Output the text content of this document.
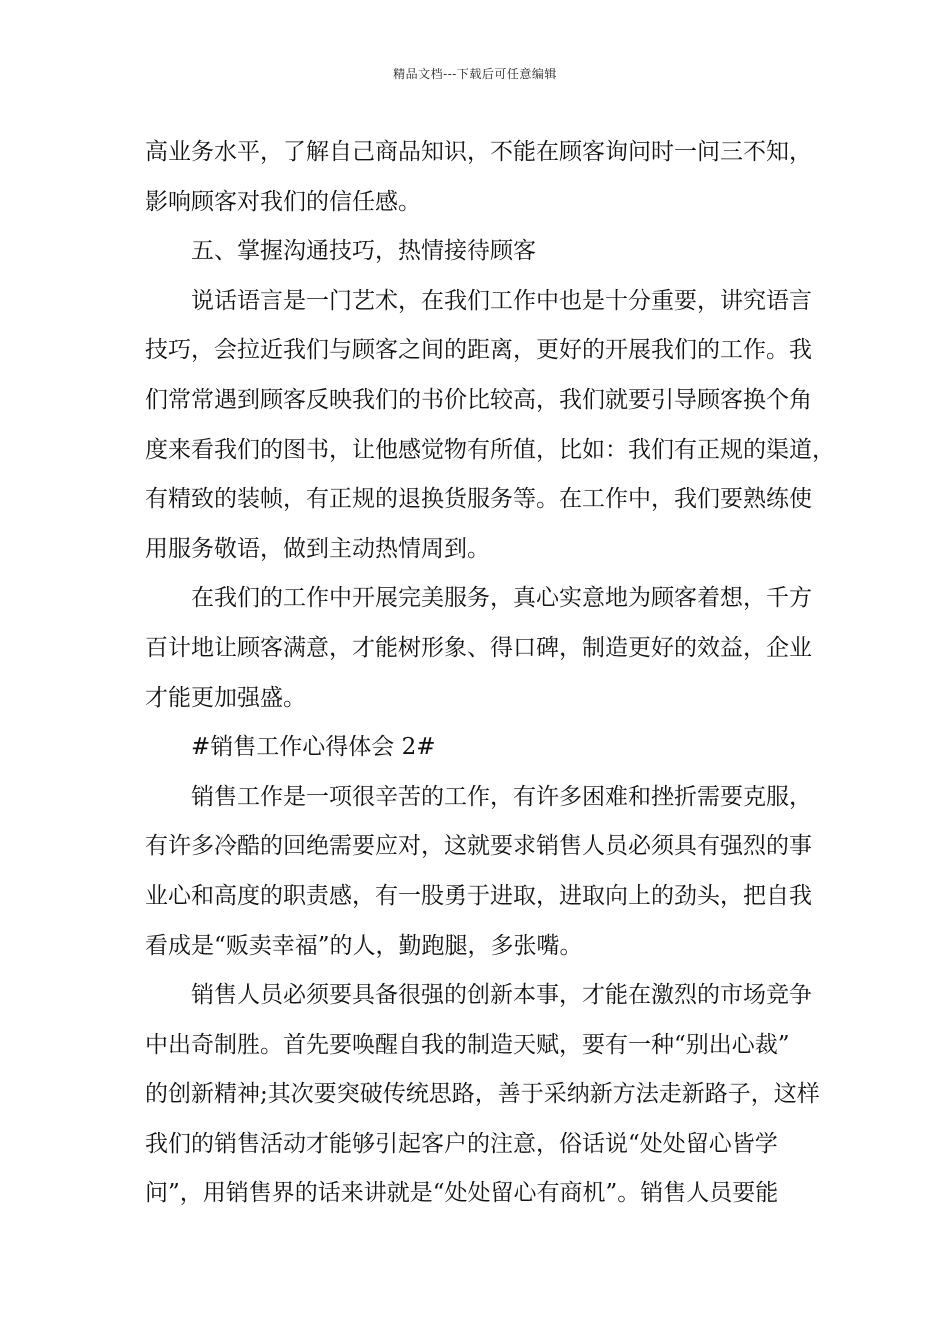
精品文档---下载后可任意编辑

高业务水平，了解自己商品知识，不能在顾客询问时一问三不知，
影响顾客对我们的信任感。

五、掌握沟通技巧，热情接待顾客

说话语言是一门艺术，在我们工作中也是十分重要，讲究语言
技巧，会拉近我们与顾客之间的距离，更好的开展我们的工作。我
们常常遇到顾客反映我们的书价比较高，我们就要引导顾客换个角
度来看我们的图书，让他感觉物有所值，比如：我们有正规的渠道，
有精致的装帧，有正规的退换货服务等。在工作中，我们要熟练使
用服务敬语，做到主动热情周到。

在我们的工作中开展完美服务，真心实意地为顾客着想，千方
百计地让顾客满意，才能树形象、得口碑，制造更好的效益，企业
才能更加强盛。

#销售工作心得体会 2#

销售工作是一项很辛苦的工作，有许多困难和挫折需要克服，
有许多冷酷的回绝需要应对，这就要求销售人员必须具有强烈的事
业心和高度的职责感，有一股勇于进取，进取向上的劲头，把自我
看成是“贩卖幸福”的人，勤跑腿，多张嘴。

销售人员必须要具备很强的创新本事，才能在激烈的市场竞争
中出奇制胜。首先要唤醒自我的制造天赋，要有一种“别出心裁”
的创新精神;其次要突破传统思路，善于采纳新方法走新路子，这样
我们的销售活动才能够引起客户的注意，俗话说“处处留心皆学
问”，用销售界的话来讲就是“处处留心有商机”。销售人员要能
